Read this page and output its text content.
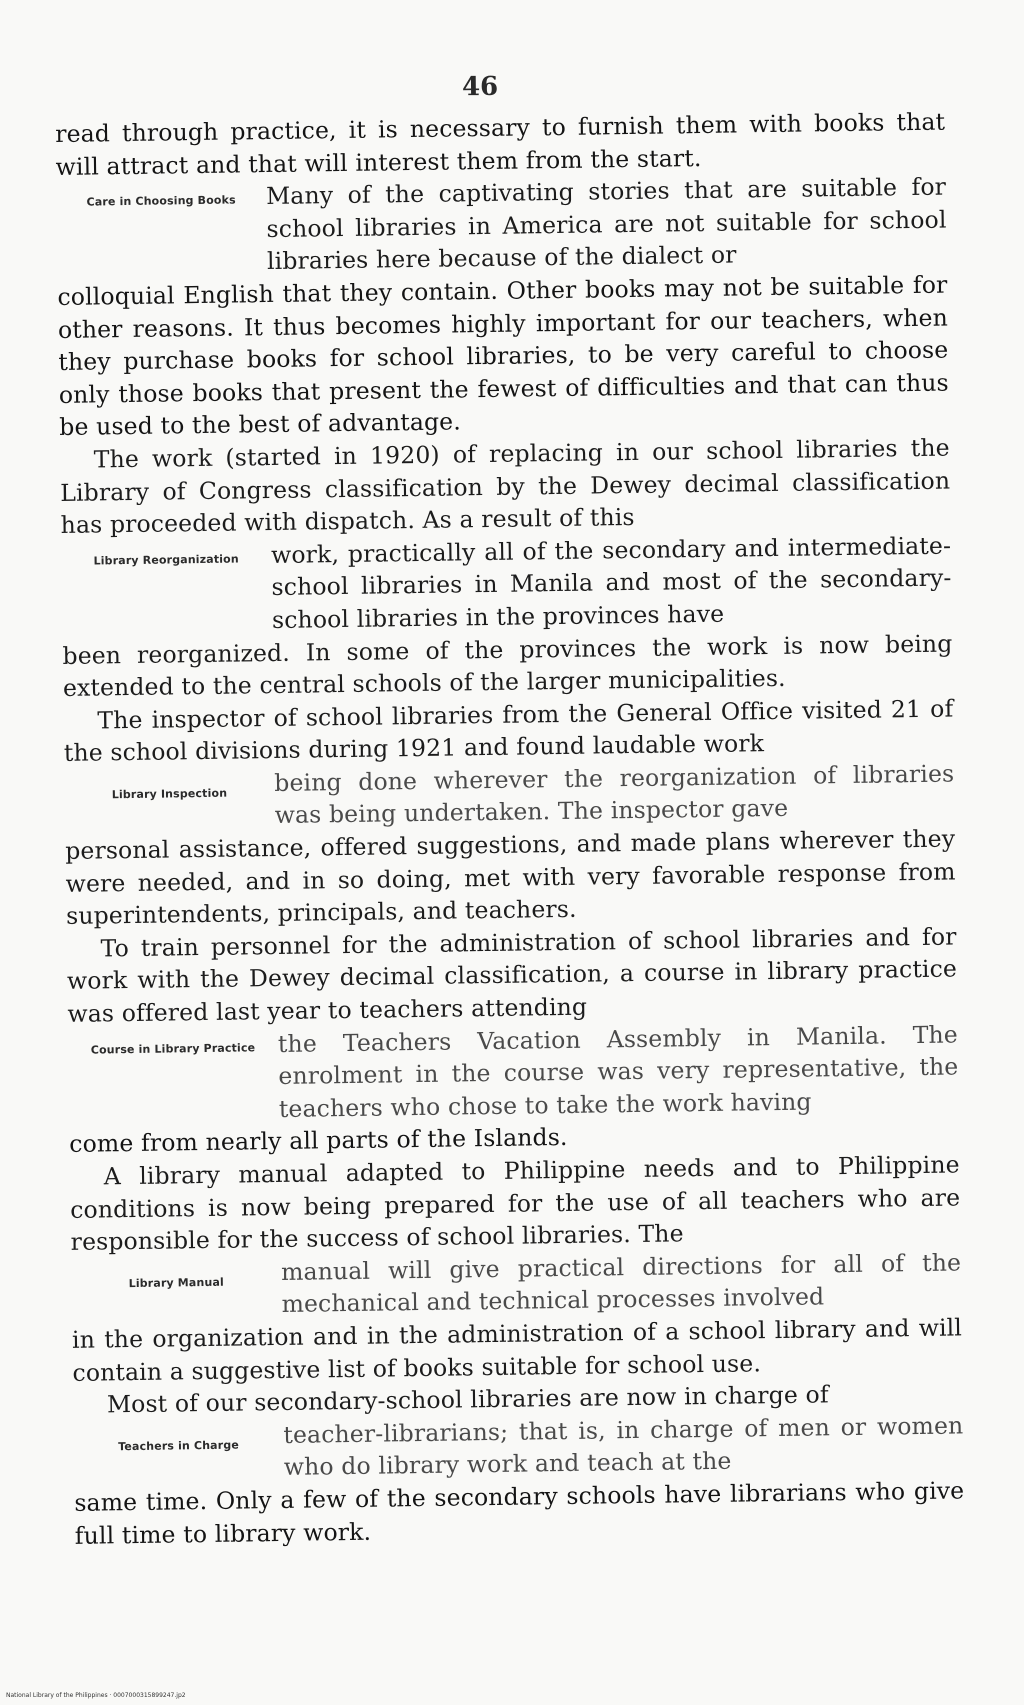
46

read through practice, it is necessary to furnish them with books that will attract and that will interest them from the start.

Care in Choosing Books	Many of the captivating stories that are suitable for school libraries in America are not suitable for school libraries here because of the dialect or

colloquial English that they contain. Other books may not be suitable for other reasons. It thus becomes highly important for our teachers, when they purchase books for school libraries, to be very careful to choose only those books that present the fewest of difficulties and that can thus be used to the best of advantage.

The work (started in 1920) of replacing in our school libraries the Library of Congress classification by the Dewey decimal classification has proceeded with dispatch. As a result of this

Library Reorganization	work, practically all of the secondary and intermediate-school libraries in Manila and most of the secondary-school libraries in the provinces have

been reorganized. In some of the provinces the work is now being extended to the central schools of the larger municipalities.

The inspector of school libraries from the General Office visited 21 of the school divisions during 1921 and found laudable work

Library Inspection	being done wherever the reorganization of libraries was being undertaken. The inspector gave

personal assistance, offered suggestions, and made plans wherever they were needed, and in so doing, met with very favorable response from superintendents, principals, and teachers.

To train personnel for the administration of school libraries and for work with the Dewey decimal classification, a course in library practice was offered last year to teachers attending

Course in Library Practice the Teachers Vacation Assembly in Manila. The enrolment in the course was very representative, the teachers who chose to take the work having

come from nearly all parts of the Islands.

A library manual adapted to Philippine needs and to Philippine conditions is now being prepared for the use of all teachers who are responsible for the success of school libraries. The

Library Manual	manual will give practical directions for all of the mechanical and technical processes involved

in the organization and in the administration of a school library and will contain a suggestive list of books suitable for school use.

Most of our secondary-school libraries are now in charge of

Teachers in Charge	teacher-librarians; that is, in charge of men or women who do library work and teach at the

same time. Only a few of the secondary schools have librarians who give full time to library work.

National Library of the Philippines · 0007000315899247.jp2
